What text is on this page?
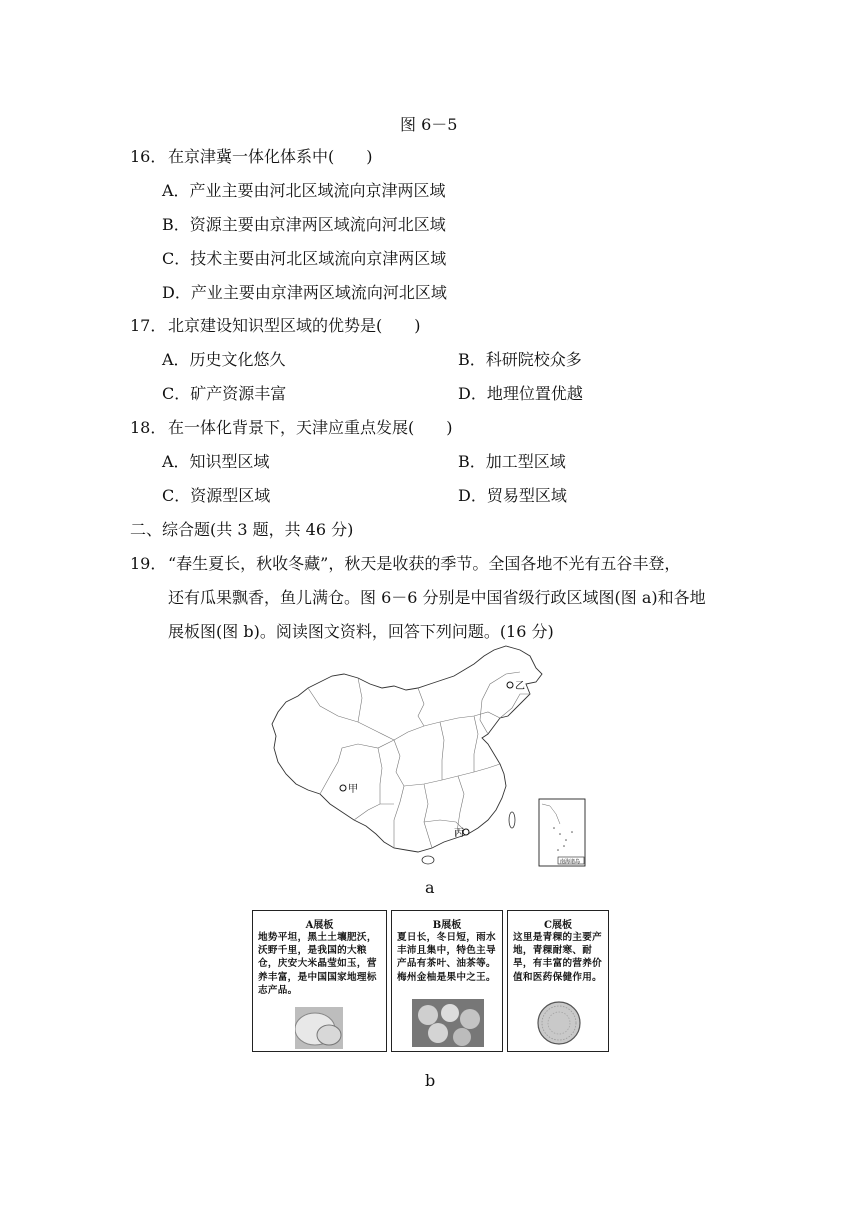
图 6－5
16． 在京津冀一体化体系中(　　)
A．产业主要由河北区域流向京津两区域
B．资源主要由京津两区域流向河北区域
C．技术主要由河北区域流向京津两区域
D．产业主要由京津两区域流向河北区域
17． 北京建设知识型区域的优势是(　　)
A．历史文化悠久	B．科研院校众多
C．矿产资源丰富	D．地理位置优越
18． 在一体化背景下，天津应重点发展(　　)
A．知识型区域	B．加工型区域
C．资源型区域	D．贸易型区域
二、综合题(共 3 题，共 46 分)
19． “春生夏长，秋收冬藏”，秋天是收获的季节。全国各地不光有五谷丰登，
还有瓜果飘香，鱼儿满仓。图 6－6 分别是中国省级行政区域图(图 a)和各地
展板图(图 b)。阅读图文资料，回答下列问题。(16 分)
甲
乙
丙
南海诸岛
a
A展板
地势平坦，黑土土壤肥沃，沃野千里，是我国的大粮仓，庆安大米晶莹如玉，营养丰富，是中国国家地理标志产品。
B展板
夏日长，冬日短，雨水丰沛且集中，特色主导产品有茶叶、油茶等。梅州金柚是果中之王。
C展板
这里是青稞的主要产地，青稞耐寒、耐旱，有丰富的营养价值和医药保健作用。
b
